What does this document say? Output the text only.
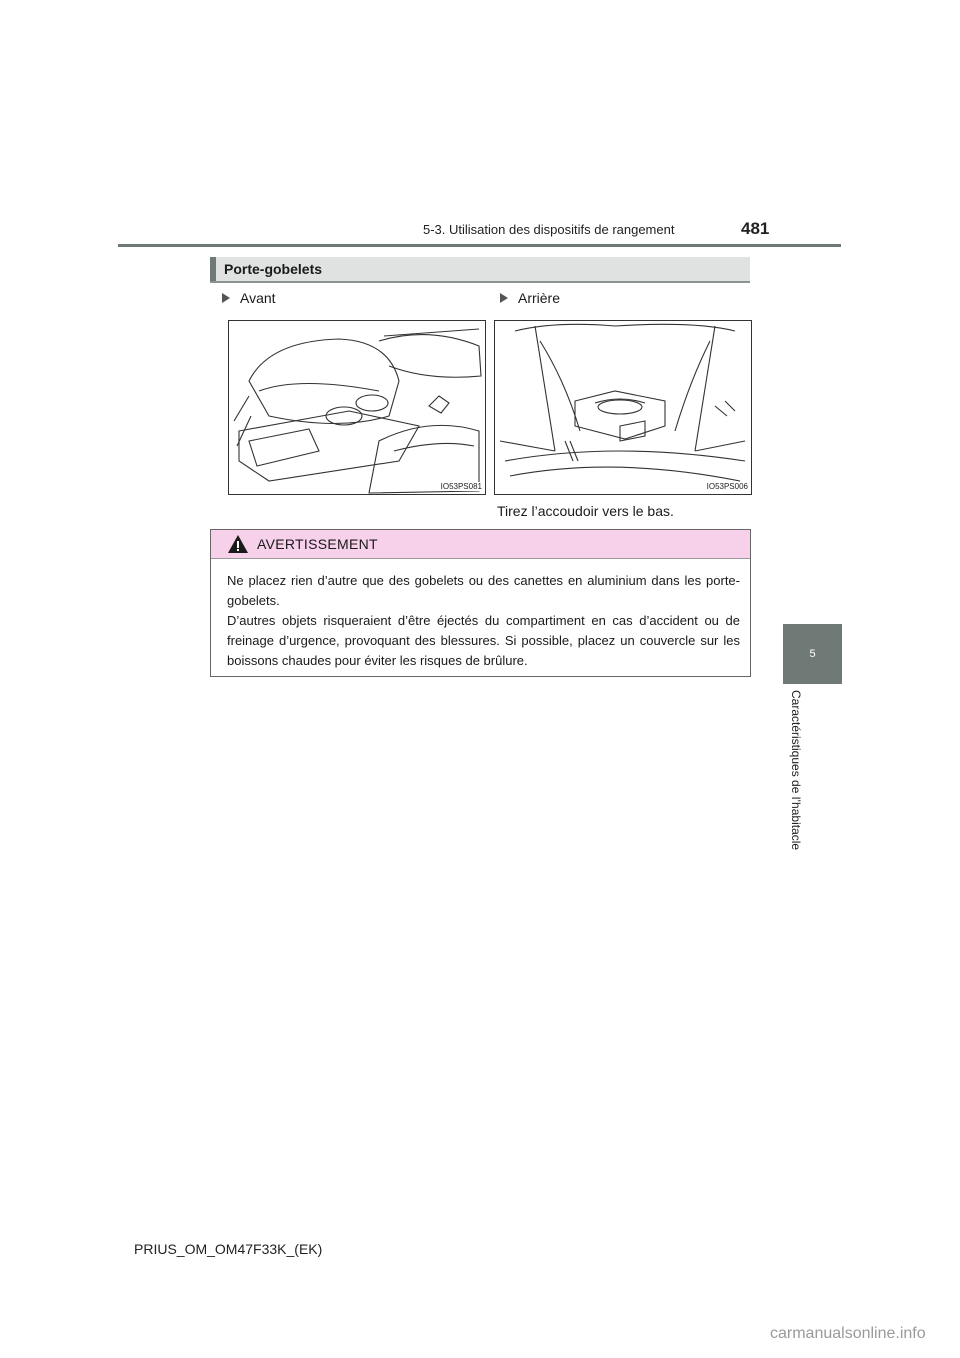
5-3. Utilisation des dispositifs de rangement	481
5
Caractéristiques de l’habitacle
Porte-gobelets
Avant	Arrière
IO53PS081	IO53PS006
Tirez l’accoudoir vers le bas.
AVERTISSEMENT

Ne placez rien d’autre que des gobelets ou des canettes en aluminium dans les porte-gobelets.

D’autres objets risqueraient d’être éjectés du compartiment en cas d’accident ou de freinage d’urgence, provoquant des blessures. Si possible, placez un couvercle sur les boissons chaudes pour éviter les risques de brûlure.

PRIUS_OM_OM47F33K_(EK)
carmanualsonline.info
